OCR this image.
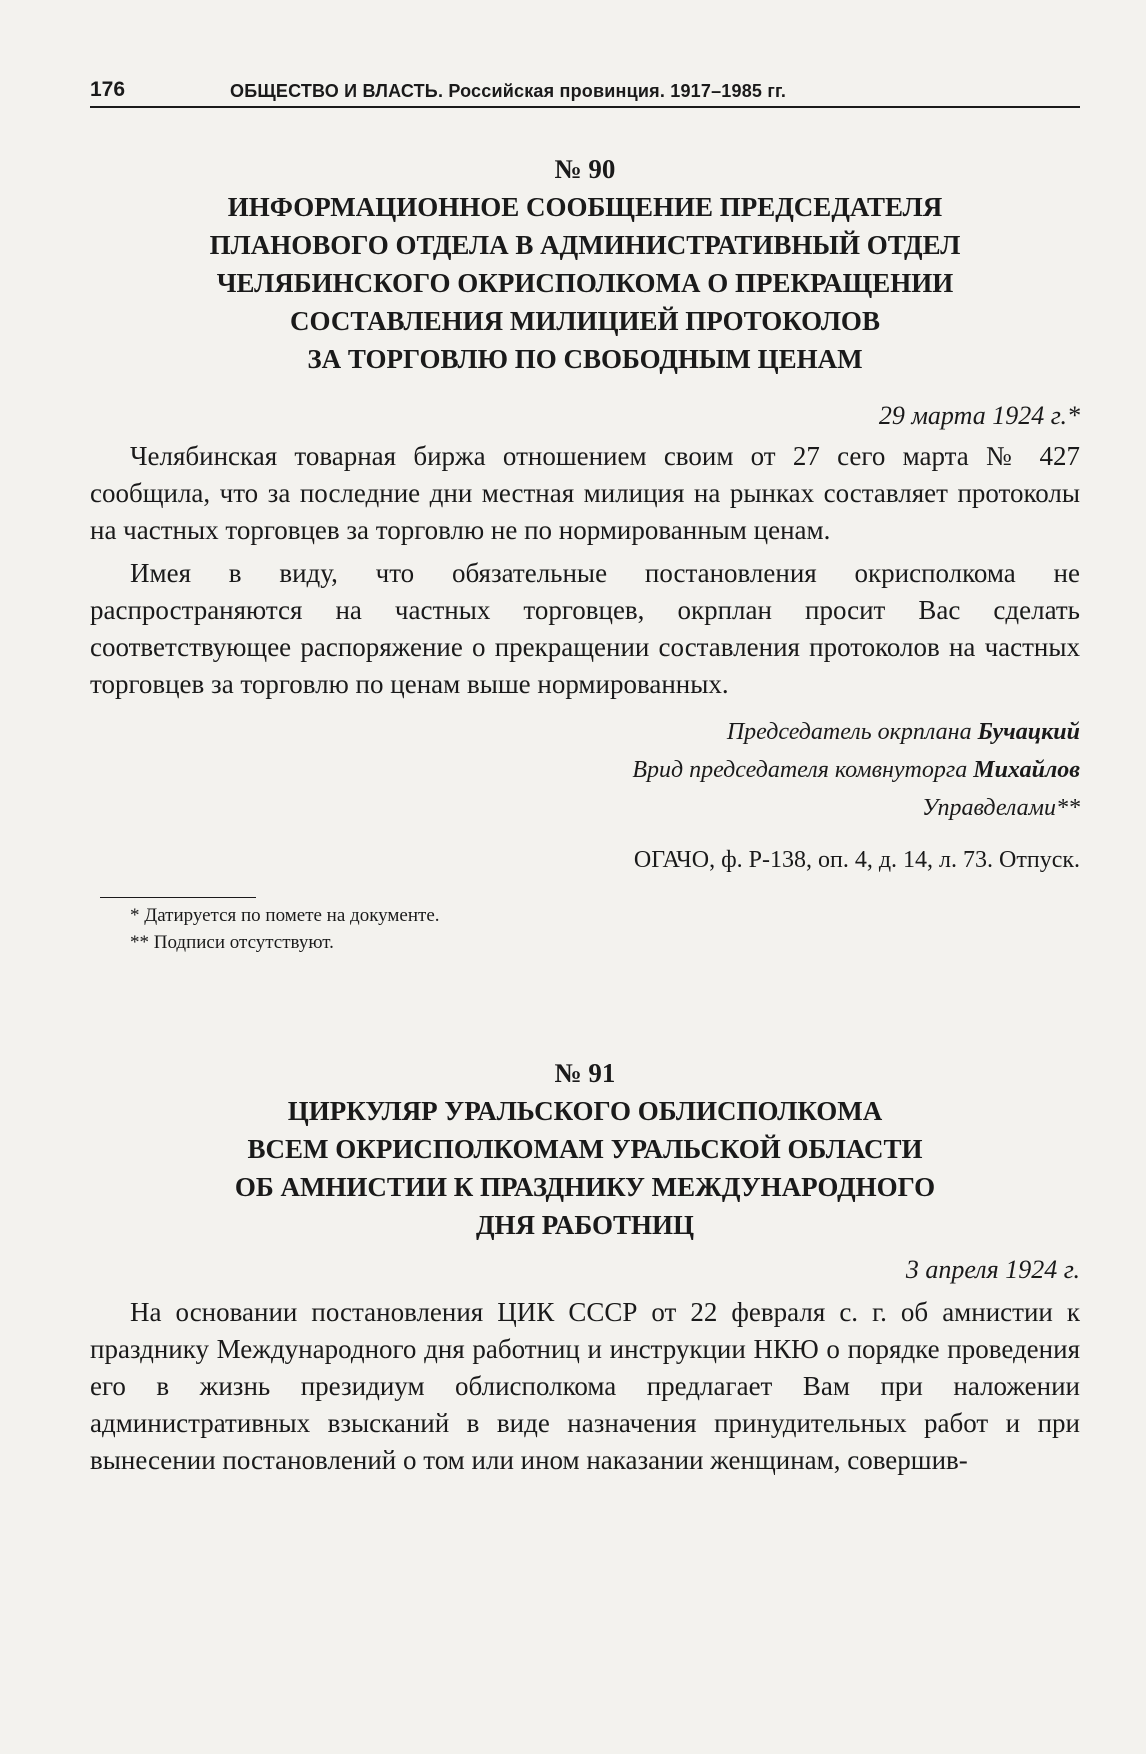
176	ОБЩЕСТВО И ВЛАСТЬ. Российская провинция. 1917–1985 гг.
№ 90
ИНФОРМАЦИОННОЕ СООБЩЕНИЕ ПРЕДСЕДАТЕЛЯ
ПЛАНОВОГО ОТДЕЛА В АДМИНИСТРАТИВНЫЙ ОТДЕЛ
ЧЕЛЯБИНСКОГО ОКРИСПОЛКОМА О ПРЕКРАЩЕНИИ
СОСТАВЛЕНИЯ МИЛИЦИЕЙ ПРОТОКОЛОВ
ЗА ТОРГОВЛЮ ПО СВОБОДНЫМ ЦЕНАМ
29 марта 1924 г.*

Челябинская товарная биржа отношением своим от 27 сего марта № 427 сообщила, что за последние дни местная милиция на рынках составляет протоколы на частных торговцев за торговлю не по нормированным ценам.

Имея в виду, что обязательные постановления окрисполкома не распространяются на частных торговцев, окрплан просит Вас сделать соответствующее распоряжение о прекращении составления протоколов на частных торговцев за торговлю по ценам выше нормированных.

Председатель окрплана Бучацкий
Врид председателя комвнуторга Михайлов
Управделами**
ОГАЧО, ф. Р-138, оп. 4, д. 14, л. 73. Отпуск.
* Датируется по помете на документе.
** Подписи отсутствуют.
№ 91
ЦИРКУЛЯР УРАЛЬСКОГО ОБЛИСПОЛКОМА
ВСЕМ ОКРИСПОЛКОМАМ УРАЛЬСКОЙ ОБЛАСТИ
ОБ АМНИСТИИ К ПРАЗДНИКУ МЕЖДУНАРОДНОГО
ДНЯ РАБОТНИЦ
3 апреля 1924 г.

На основании постановления ЦИК СССР от 22 февраля с. г. об амнистии к празднику Международного дня работниц и инструкции НКЮ о порядке проведения его в жизнь президиум облисполкома предлагает Вам при наложении административных взысканий в виде назначения принудительных работ и при вынесении постановлений о том или ином наказании женщинам, совершив-
